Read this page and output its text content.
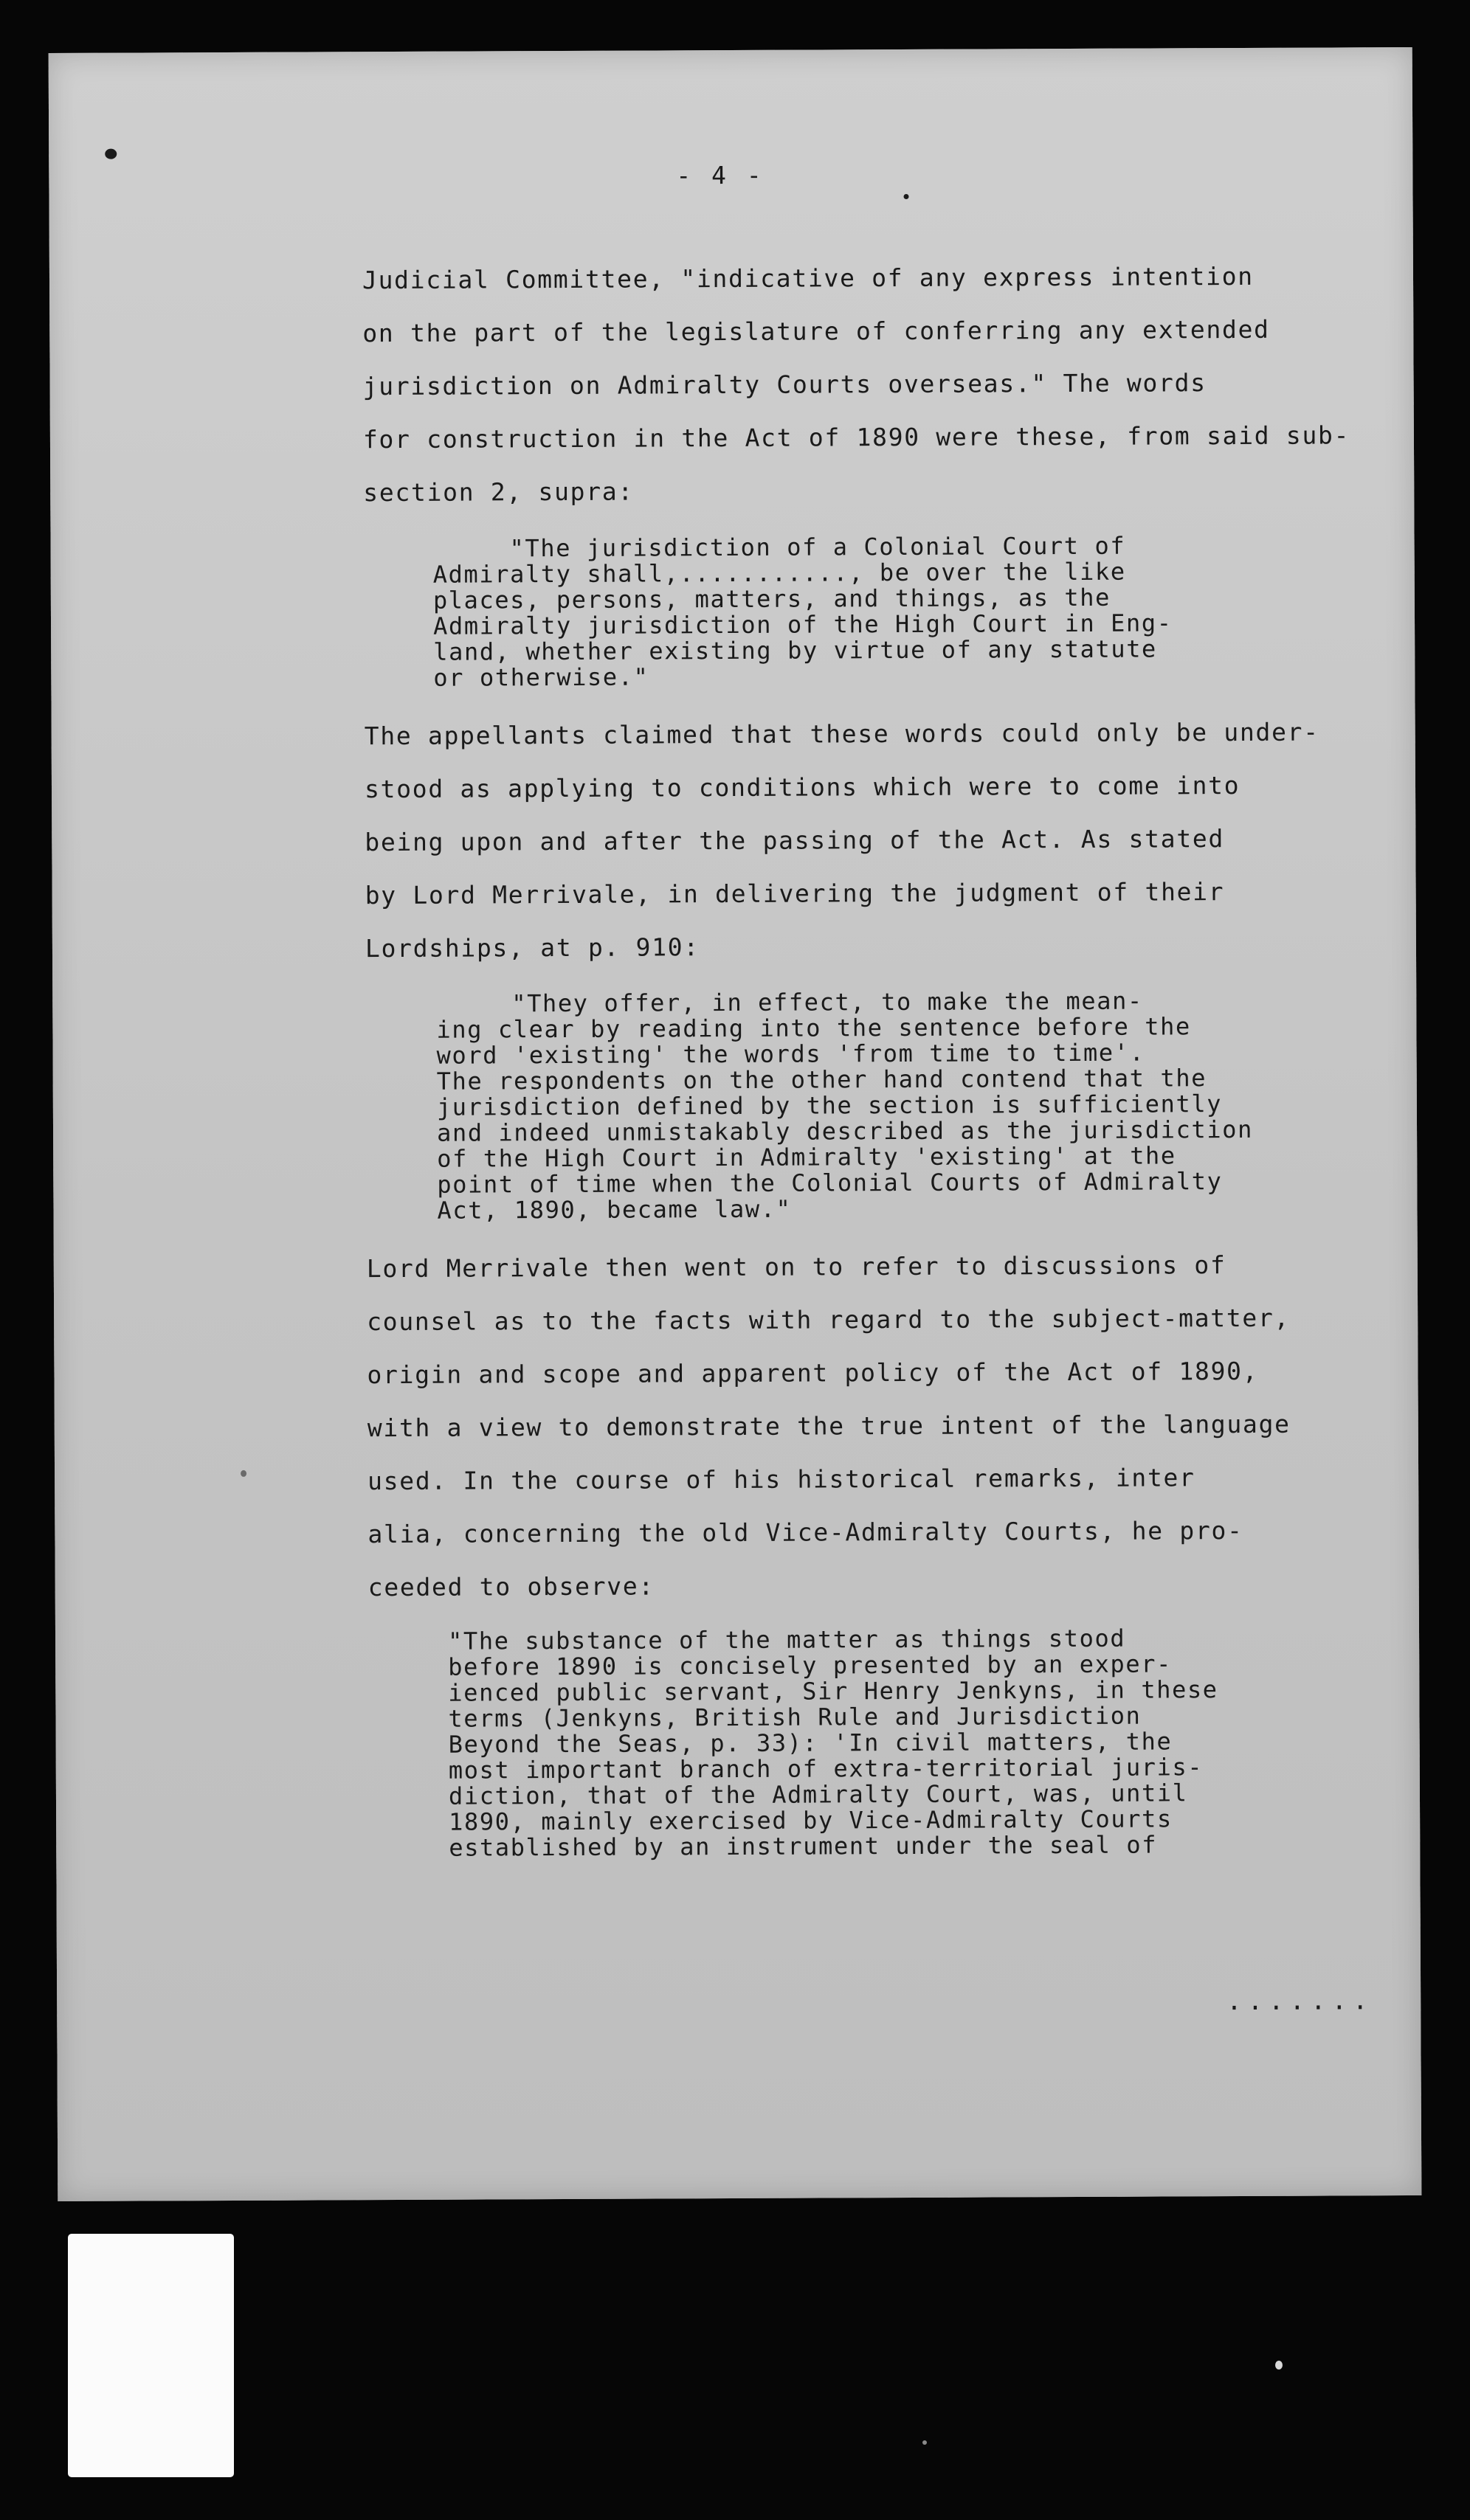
- 4 -

Judicial Committee, "indicative of any express intention

on the part of the legislature of conferring any extended

jurisdiction on Admiralty Courts overseas." The words

for construction in the Act of 1890 were these, from said sub-

section 2, supra:

"The jurisdiction of a Colonial Court of

Admiralty shall,..........., be over the like

places, persons, matters, and things, as the

Admiralty jurisdiction of the High Court in Eng-

land, whether existing by virtue of any statute

or otherwise."

The appellants claimed that these words could only be under-

stood as applying to conditions which were to come into

being upon and after the passing of the Act. As stated

by Lord Merrivale, in delivering the judgment of their

Lordships, at p. 910:

"They offer, in effect, to make the mean-

ing clear by reading into the sentence before the

word 'existing' the words 'from time to time'.

The respondents on the other hand contend that the

jurisdiction defined by the section is sufficiently

and indeed unmistakably described as the jurisdiction

of the High Court in Admiralty 'existing' at the

point of time when the Colonial Courts of Admiralty

Act, 1890, became law."

Lord Merrivale then went on to refer to discussions of

counsel as to the facts with regard to the subject-matter,

origin and scope and apparent policy of the Act of 1890,

with a view to demonstrate the true intent of the language

used. In the course of his historical remarks, inter

alia, concerning the old Vice-Admiralty Courts, he pro-

ceeded to observe:

"The substance of the matter as things stood

before 1890 is concisely presented by an exper-

ienced public servant, Sir Henry Jenkyns, in these

terms (Jenkyns, British Rule and Jurisdiction

Beyond the Seas, p. 33): 'In civil matters, the

most important branch of extra-territorial juris-

diction, that of the Admiralty Court, was, until

1890, mainly exercised by Vice-Admiralty Courts

established by an instrument under the seal of

.......
